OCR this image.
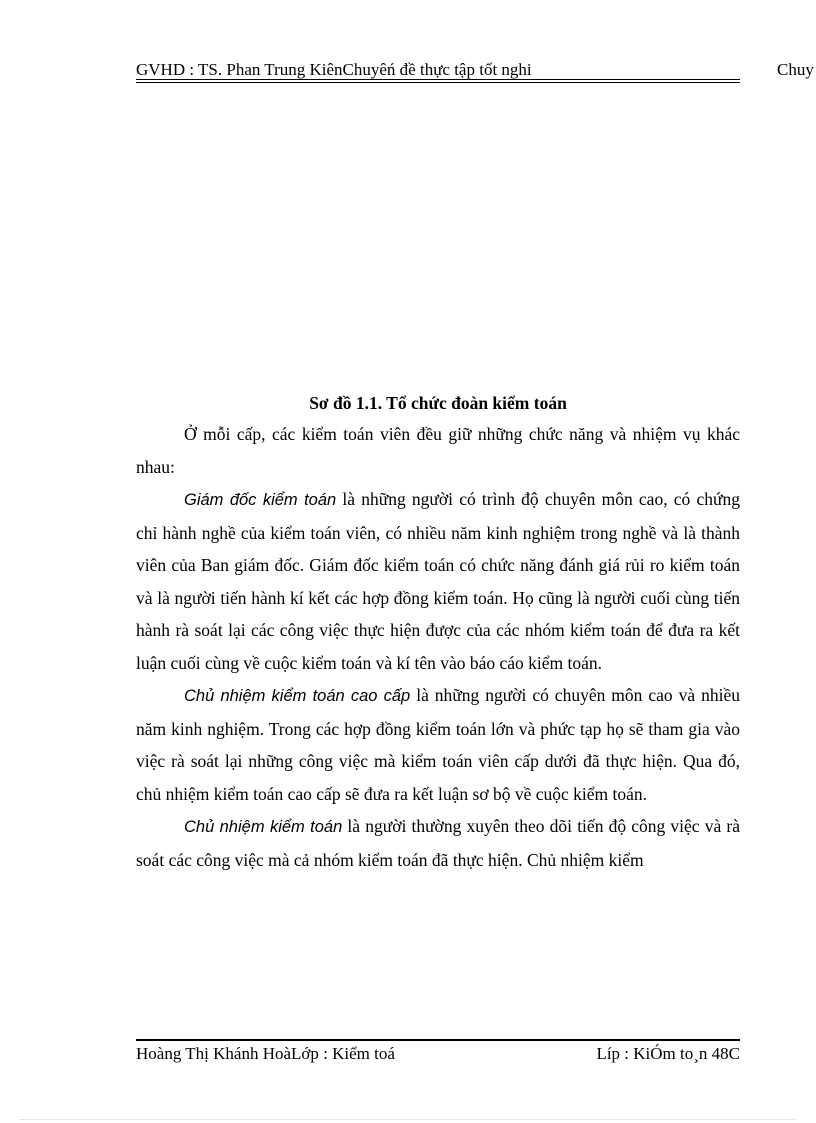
GVHD : TS. Phan Trung KiênChuyêń đề thực tập tốt nghi	Chuy

Sơ đồ 1.1. Tổ chức đoàn kiểm toán

Ở mỗi cấp, các kiểm toán viên đều giữ những chức năng và nhiệm vụ khác nhau:

Giám đốc kiểm toán là những người có trình độ chuyên môn cao, có chứng chỉ hành nghề của kiểm toán viên, có nhiều năm kinh nghiệm trong nghề và là thành viên của Ban giám đốc. Giám đốc kiểm toán có chức năng đánh giá rủi ro kiểm toán và là người tiến hành kí kết các hợp đồng kiểm toán. Họ cũng là người cuối cùng tiến hành rà soát lại các công việc thực hiện được của các nhóm kiểm toán để đưa ra kết luận cuối cùng về cuộc kiểm toán và kí tên vào báo cáo kiểm toán.

Chủ nhiệm kiểm toán cao cấp là những người có chuyên môn cao và nhiều năm kinh nghiệm. Trong các hợp đồng kiểm toán lớn và phức tạp họ sẽ tham gia vào việc rà soát lại những công việc mà kiểm toán viên cấp dưới đã thực hiện. Qua đó, chủ nhiệm kiểm toán cao cấp sẽ đưa ra kết luận sơ bộ về cuộc kiểm toán.

Chủ nhiệm kiểm toán là người thường xuyên theo dõi tiến độ công việc và rà soát các công việc mà cả nhóm kiểm toán đã thực hiện. Chủ nhiệm kiểm

Hoàng Thị Khánh HoàLớp : Kiểm toá	Líp : KiÓm to¸n 48C
